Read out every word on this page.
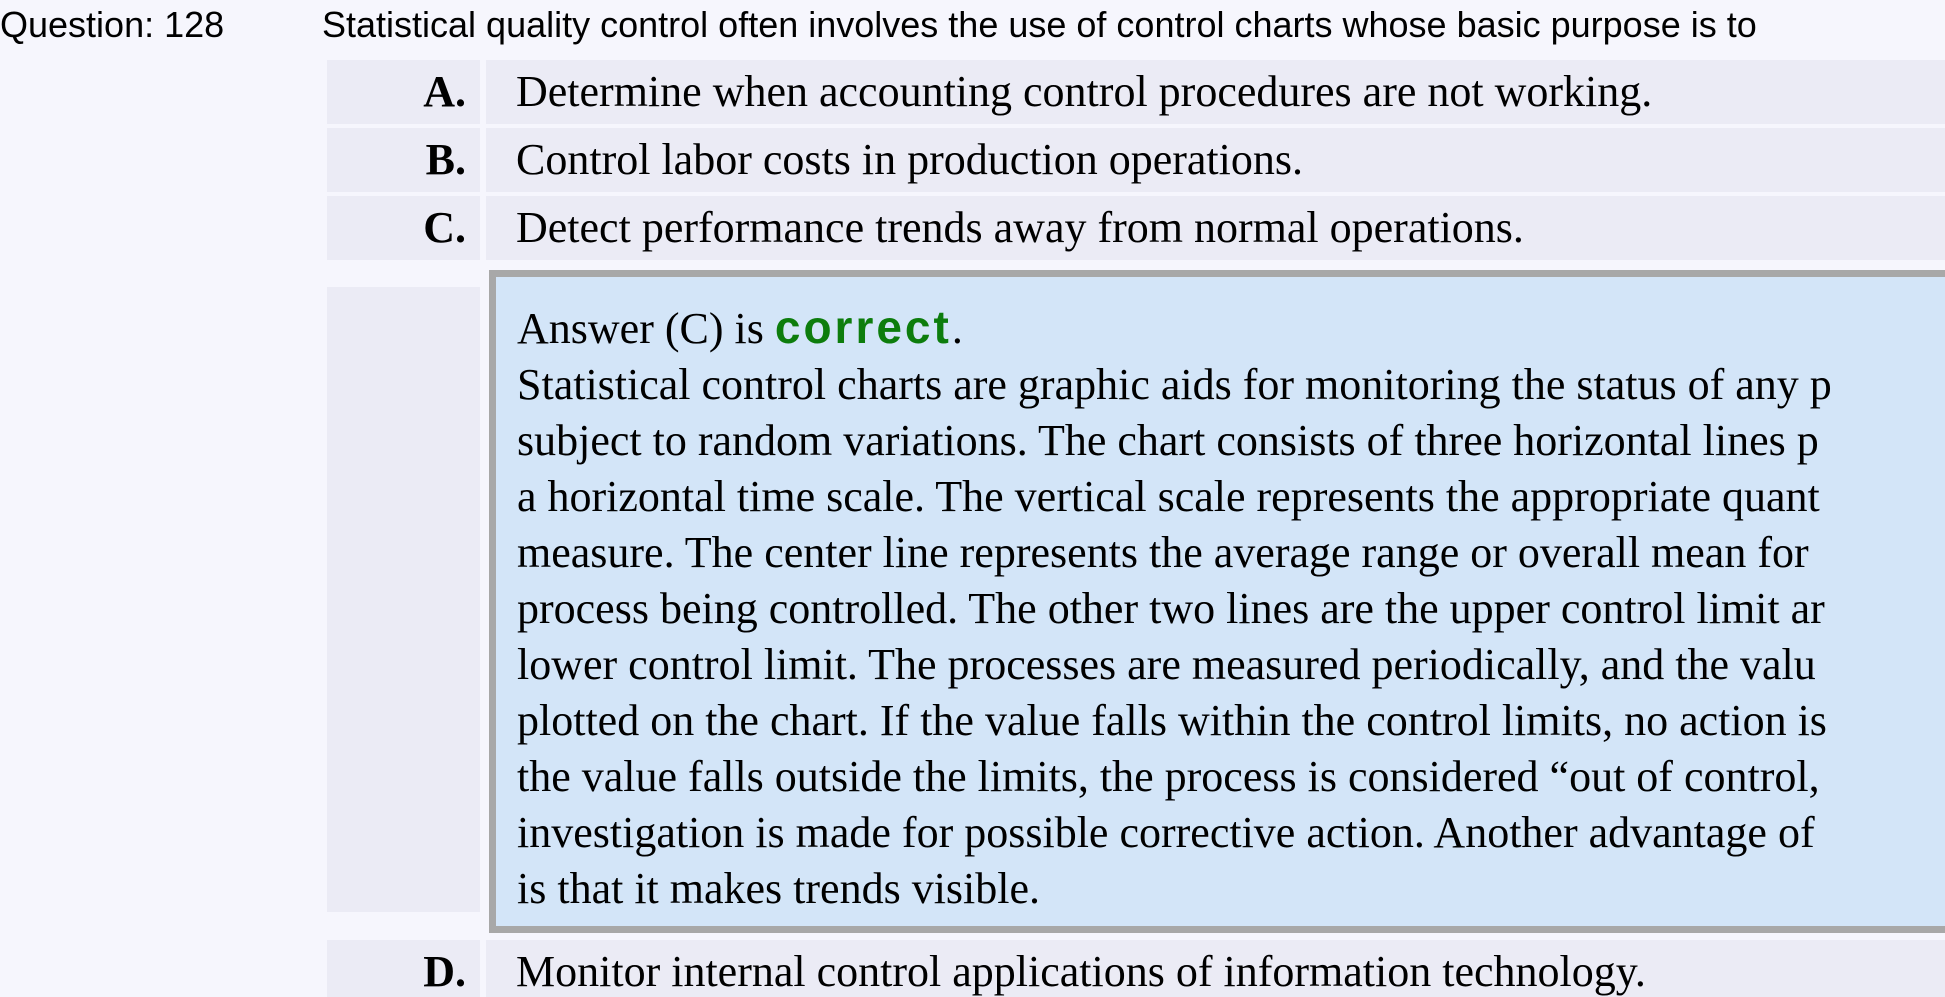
Question: 128	Statistical quality control often involves the use of control charts whose basic purpose is to
A.	Determine when accounting control procedures are not working.
B.	Control labor costs in production operations.
C.	Detect performance trends away from normal operations.
Answer (C) is correct.
Statistical control charts are graphic aids for monitoring the status of any p
subject to random variations. The chart consists of three horizontal lines p
a horizontal time scale. The vertical scale represents the appropriate quant
measure. The center line represents the average range or overall mean for
process being controlled. The other two lines are the upper control limit ar
lower control limit. The processes are measured periodically, and the valu
plotted on the chart. If the value falls within the control limits, no action is
the value falls outside the limits, the process is considered “out of control,
investigation is made for possible corrective action. Another advantage of
is that it makes trends visible.
D.	Monitor internal control applications of information technology.
